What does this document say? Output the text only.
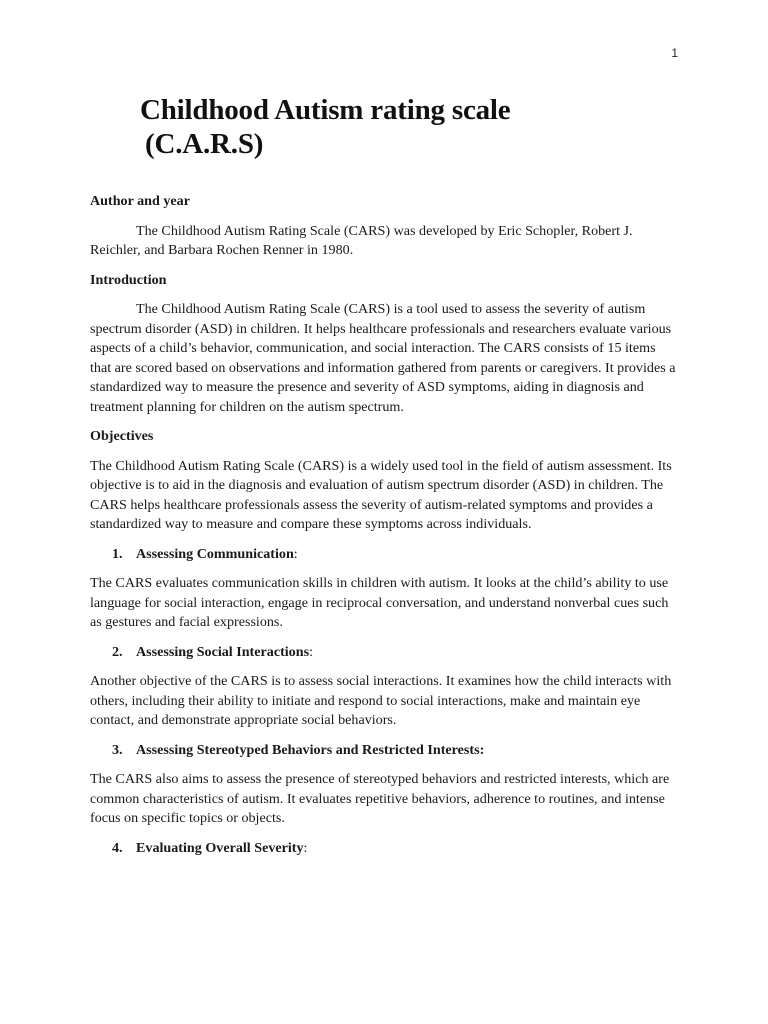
1
Childhood Autism rating scale
(C.A.R.S)

Author and year

The Childhood Autism Rating Scale (CARS) was developed by Eric Schopler, Robert J. Reichler, and Barbara Rochen Renner in 1980.

Introduction

The Childhood Autism Rating Scale (CARS) is a tool used to assess the severity of autism spectrum disorder (ASD) in children. It helps healthcare professionals and researchers evaluate various aspects of a child’s behavior, communication, and social interaction. The CARS consists of 15 items that are scored based on observations and information gathered from parents or caregivers. It provides a standardized way to measure the presence and severity of ASD symptoms, aiding in diagnosis and treatment planning for children on the autism spectrum.

Objectives

The Childhood Autism Rating Scale (CARS) is a widely used tool in the field of autism assessment. Its objective is to aid in the diagnosis and evaluation of autism spectrum disorder (ASD) in children. The CARS helps healthcare professionals assess the severity of autism-related symptoms and provides a standardized way to measure and compare these symptoms across individuals.

1. Assessing Communication:

The CARS evaluates communication skills in children with autism. It looks at the child’s ability to use language for social interaction, engage in reciprocal conversation, and understand nonverbal cues such as gestures and facial expressions.

2. Assessing Social Interactions:

Another objective of the CARS is to assess social interactions. It examines how the child interacts with others, including their ability to initiate and respond to social interactions, make and maintain eye contact, and demonstrate appropriate social behaviors.

3. Assessing Stereotyped Behaviors and Restricted Interests:

The CARS also aims to assess the presence of stereotyped behaviors and restricted interests, which are common characteristics of autism. It evaluates repetitive behaviors, adherence to routines, and intense focus on specific topics or objects.

4. Evaluating Overall Severity:
